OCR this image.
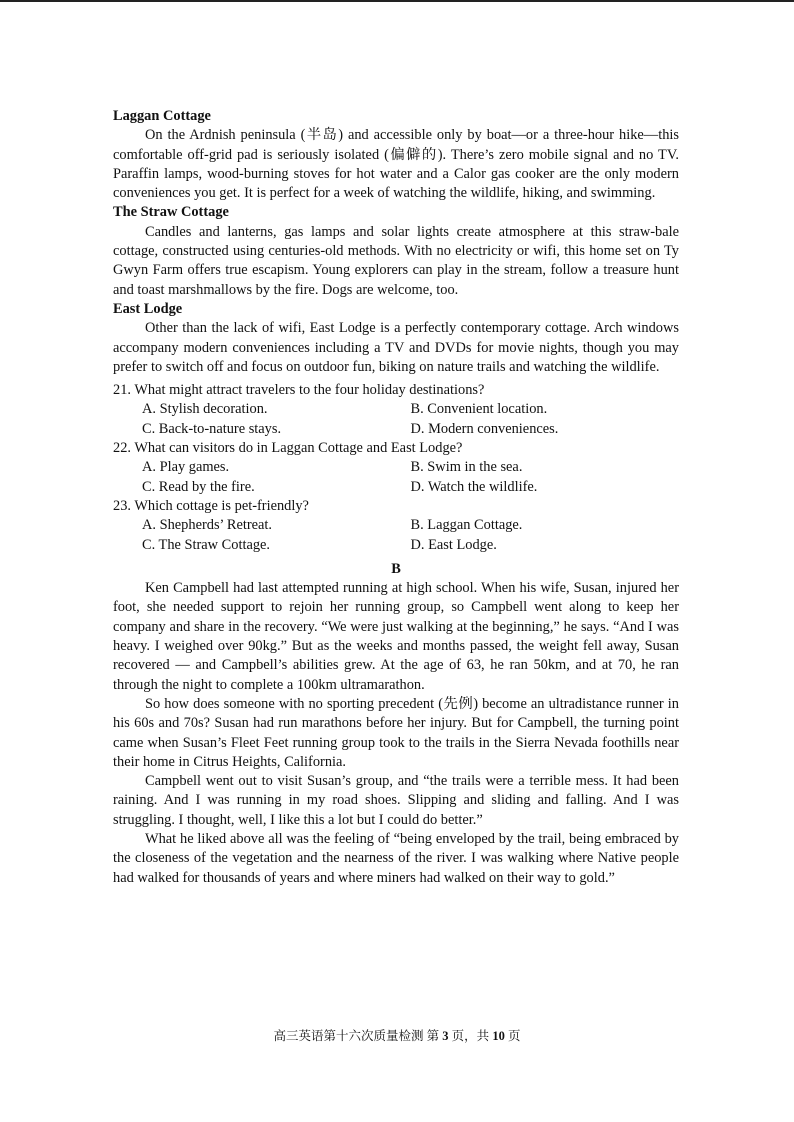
Laggan Cottage

On the Ardnish peninsula (半岛) and accessible only by boat—or a three-hour hike—this comfortable off-grid pad is seriously isolated (偏僻的). There’s zero mobile signal and no TV. Paraffin lamps, wood-burning stoves for hot water and a Calor gas cooker are the only modern conveniences you get. It is perfect for a week of watching the wildlife, hiking, and swimming.

The Straw Cottage

Candles and lanterns, gas lamps and solar lights create atmosphere at this straw-bale cottage, constructed using centuries-old methods. With no electricity or wifi, this home set on Ty Gwyn Farm offers true escapism. Young explorers can play in the stream, follow a treasure hunt and toast marshmallows by the fire. Dogs are welcome, too.

East Lodge

Other than the lack of wifi, East Lodge is a perfectly contemporary cottage. Arch windows accompany modern conveniences including a TV and DVDs for movie nights, though you may prefer to switch off and focus on outdoor fun, biking on nature trails and watching the wildlife.

21. What might attract travelers to the four holiday destinations?
A. Stylish decoration.	B. Convenient location.
C. Back-to-nature stays.	D. Modern conveniences.
22. What can visitors do in Laggan Cottage and East Lodge?
A. Play games.	B. Swim in the sea.
C. Read by the fire.	D. Watch the wildlife.
23. Which cottage is pet-friendly?
A. Shepherds’ Retreat.	B. Laggan Cottage.
C. The Straw Cottage.	D. East Lodge.
B

Ken Campbell had last attempted running at high school. When his wife, Susan, injured her foot, she needed support to rejoin her running group, so Campbell went along to keep her company and share in the recovery. “We were just walking at the beginning,” he says. “And I was heavy. I weighed over 90kg.” But as the weeks and months passed, the weight fell away, Susan recovered — and Campbell’s abilities grew. At the age of 63, he ran 50km, and at 70, he ran through the night to complete a 100km ultramarathon.

So how does someone with no sporting precedent (先例) become an ultradistance runner in his 60s and 70s? Susan had run marathons before her injury. But for Campbell, the turning point came when Susan’s Fleet Feet running group took to the trails in the Sierra Nevada foothills near their home in Citrus Heights, California.

Campbell went out to visit Susan’s group, and “the trails were a terrible mess. It had been raining. And I was running in my road shoes. Slipping and sliding and falling. And I was struggling. I thought, well, I like this a lot but I could do better.”

What he liked above all was the feeling of “being enveloped by the trail, being embraced by the closeness of the vegetation and the nearness of the river. I was walking where Native people had walked for thousands of years and where miners had walked on their way to gold.”

高三英语第十六次质量检测 第 3 页，共 10 页
